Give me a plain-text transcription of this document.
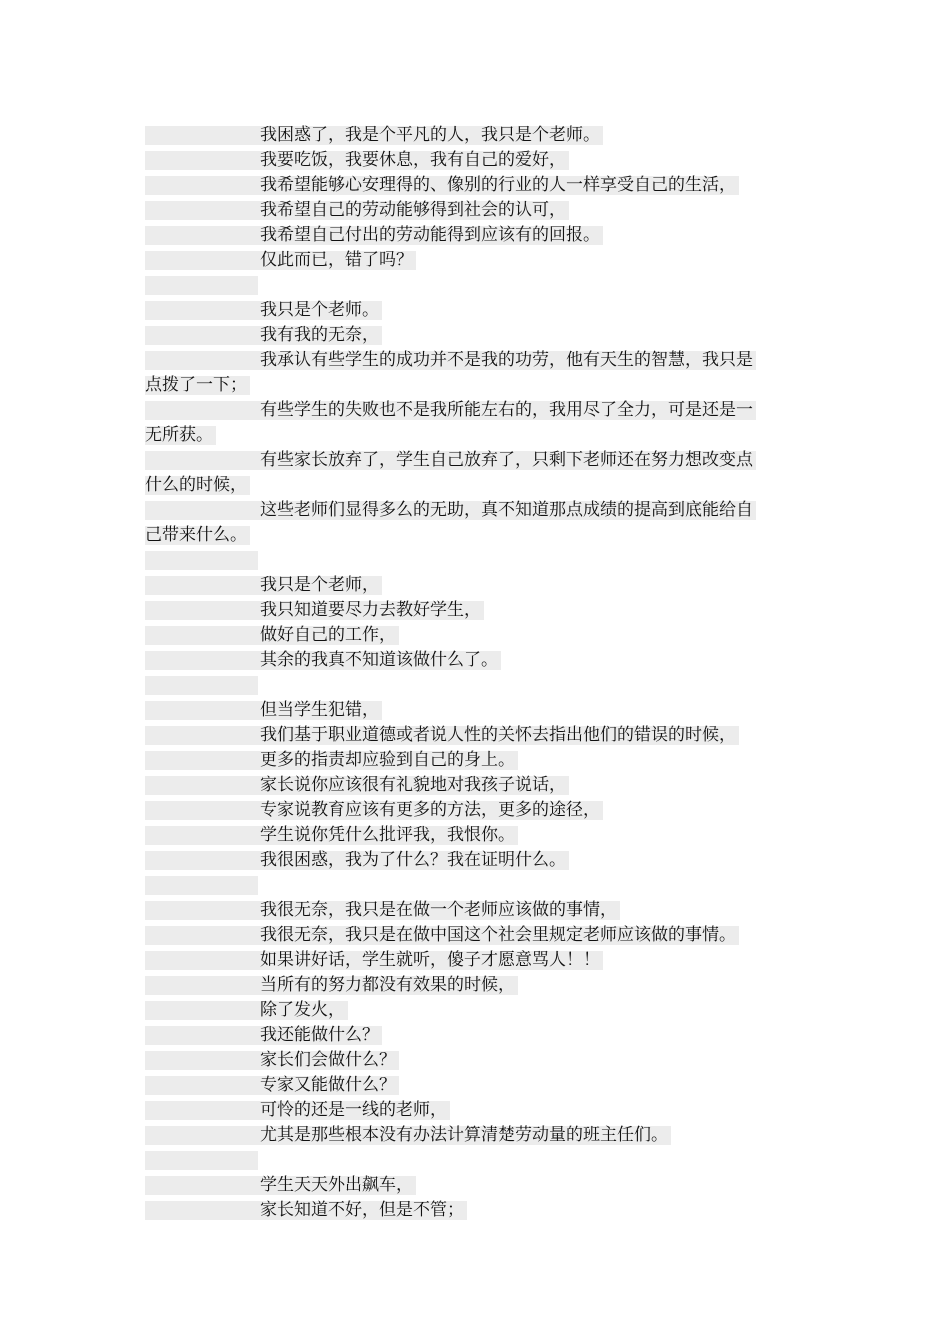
我困惑了，我是个平凡的人，我只是个老师。
我要吃饭，我要休息，我有自己的爱好，
我希望能够心安理得的、像别的行业的人一样享受自己的生活，
我希望自己的劳动能够得到社会的认可，
我希望自己付出的劳动能得到应该有的回报。
仅此而已，错了吗？
我只是个老师。
我有我的无奈，
我承认有些学生的成功并不是我的功劳，他有天生的智慧，我只是
点拨了一下；
有些学生的失败也不是我所能左右的，我用尽了全力，可是还是一
无所获。
有些家长放弃了，学生自己放弃了，只剩下老师还在努力想改变点
什么的时候，
这些老师们显得多么的无助，真不知道那点成绩的提高到底能给自
己带来什么。
我只是个老师，
我只知道要尽力去教好学生，
做好自己的工作，
其余的我真不知道该做什么了。
但当学生犯错，
我们基于职业道德或者说人性的关怀去指出他们的错误的时候，
更多的指责却应验到自己的身上。
家长说你应该很有礼貌地对我孩子说话，
专家说教育应该有更多的方法，更多的途径，
学生说你凭什么批评我，我恨你。
我很困惑，我为了什么？我在证明什么。
我很无奈，我只是在做一个老师应该做的事情，
我很无奈，我只是在做中国这个社会里规定老师应该做的事情。
如果讲好话，学生就听，傻子才愿意骂人！！
当所有的努力都没有效果的时候，
除了发火，
我还能做什么？
家长们会做什么？
专家又能做什么？
可怜的还是一线的老师，
尤其是那些根本没有办法计算清楚劳动量的班主任们。
学生天天外出飙车，
家长知道不好，但是不管；
